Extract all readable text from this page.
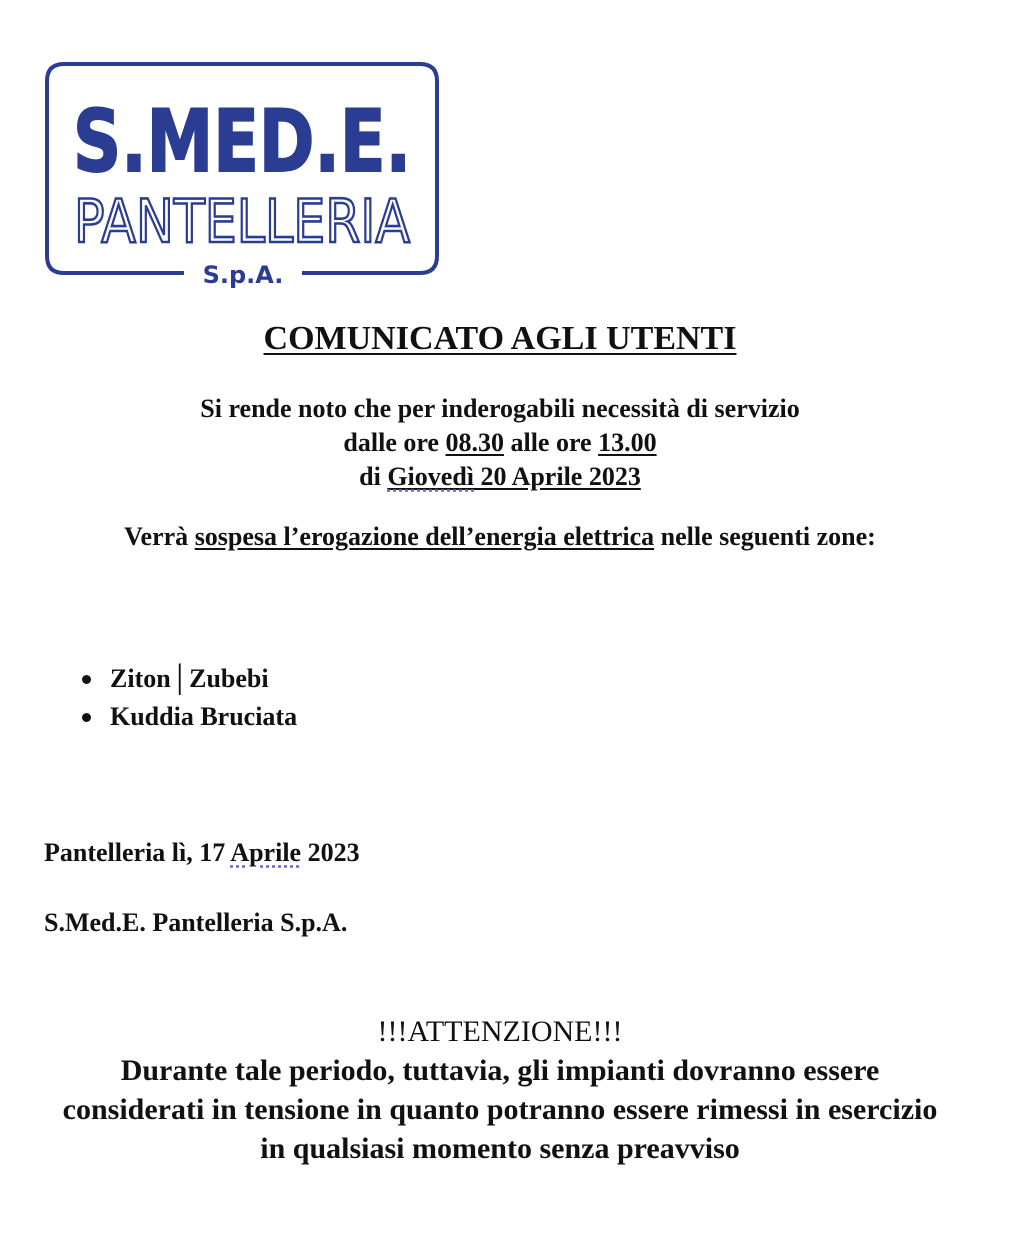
S.MED.E.
PANTELLERIA
S.p.A.
COMUNICATO AGLI UTENTI
Si rende noto che per inderogabili necessità di servizio
dalle ore 08.30 alle ore 13.00
di Giovedì 20 Aprile 2023
Verrà sospesa l’erogazione dell’energia elettrica nelle seguenti zone:
Ziton│Zubebi
Kuddia Bruciata
Pantelleria lì, 17 Aprile 2023
S.Med.E. Pantelleria S.p.A.
!!!ATTENZIONE!!!
Durante tale periodo, tuttavia, gli impianti dovranno essere considerati in tensione in quanto potranno essere rimessi in esercizio in qualsiasi momento senza preavviso
